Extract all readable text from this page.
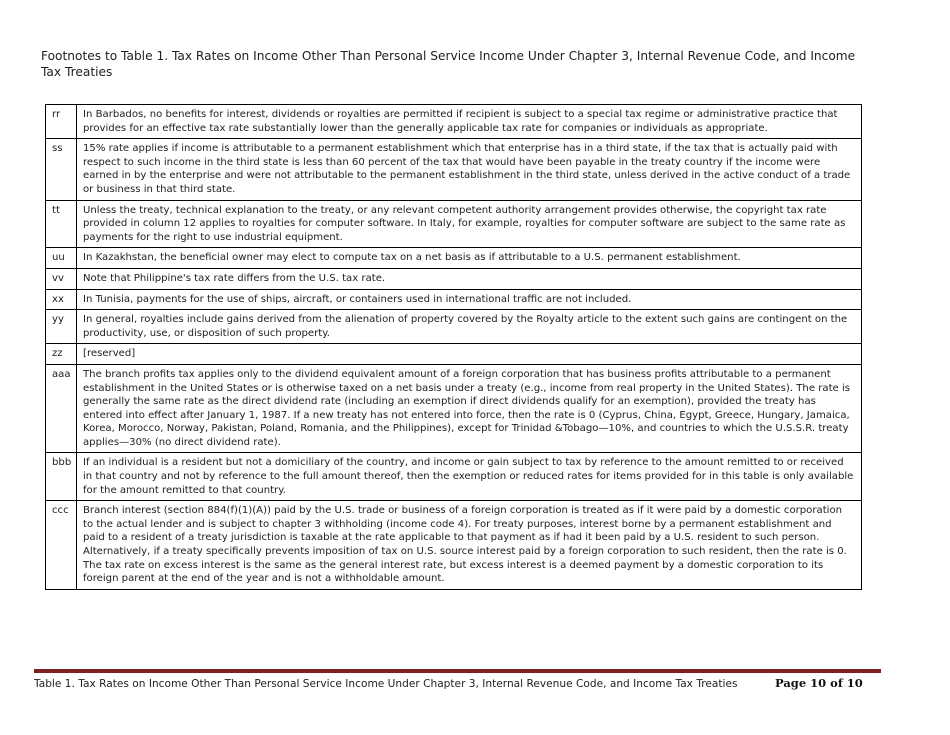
Footnotes to Table 1. Tax Rates on Income Other Than Personal Service Income Under Chapter 3, Internal Revenue Code, and Income Tax Treaties
rr	In Barbados, no benefits for interest, dividends or royalties are permitted if recipient is subject to a special tax regime or administrative practice that provides for an effective tax rate substantially lower than the generally applicable tax rate for companies or individuals as appropriate.
ss	15% rate applies if income is attributable to a permanent establishment which that enterprise has in a third state, if the tax that is actually paid with respect to such income in the third state is less than 60 percent of the tax that would have been payable in the treaty country if the income were earned in by the enterprise and were not attributable to the permanent establishment in the third state, unless derived in the active conduct of a trade or business in that third state.
tt	Unless the treaty, technical explanation to the treaty, or any relevant competent authority arrangement provides otherwise, the copyright tax rate provided in column 12 applies to royalties for computer software. In Italy, for example, royalties for computer software are subject to the same rate as payments for the right to use industrial equipment.
uu	In Kazakhstan, the beneficial owner may elect to compute tax on a net basis as if attributable to a U.S. permanent establishment.
vv	Note that Philippine's tax rate differs from the U.S. tax rate.
xx	In Tunisia, payments for the use of ships, aircraft, or containers used in international traffic are not included.
yy	In general, royalties include gains derived from the alienation of property covered by the Royalty article to the extent such gains are contingent on the productivity, use, or disposition of such property.
zz	[reserved]
aaa	The branch profits tax applies only to the dividend equivalent amount of a foreign corporation that has business profits attributable to a permanent establishment in the United States or is otherwise taxed on a net basis under a treaty (e.g., income from real property in the United States). The rate is generally the same rate as the direct dividend rate (including an exemption if direct dividends qualify for an exemption), provided the treaty has entered into effect after January 1, 1987. If a new treaty has not entered into force, then the rate is 0 (Cyprus, China, Egypt, Greece, Hungary, Jamaica, Korea, Morocco, Norway, Pakistan, Poland, Romania, and the Philippines), except for Trinidad &Tobago—10%, and countries to which the U.S.S.R. treaty applies—30% (no direct dividend rate).
bbb	If an individual is a resident but not a domiciliary of the country, and income or gain subject to tax by reference to the amount remitted to or received in that country and not by reference to the full amount thereof, then the exemption or reduced rates for items provided for in this table is only available for the amount remitted to that country.
ccc	Branch interest (section 884(f)(1)(A)) paid by the U.S. trade or business of a foreign corporation is treated as if it were paid by a domestic corporation to the actual lender and is subject to chapter 3 withholding (income code 4). For treaty purposes, interest borne by a permanent establishment and paid to a resident of a treaty jurisdiction is taxable at the rate applicable to that payment as if had it been paid by a U.S. resident to such person. Alternatively, if a treaty specifically prevents imposition of tax on U.S. source interest paid by a foreign corporation to such resident, then the rate is 0. The tax rate on excess interest is the same as the general interest rate, but excess interest is a deemed payment by a domestic corporation to its foreign parent at the end of the year and is not a withholdable amount.
Table 1. Tax Rates on Income Other Than Personal Service Income Under Chapter 3, Internal Revenue Code, and Income Tax Treaties	Page 10 of 10
